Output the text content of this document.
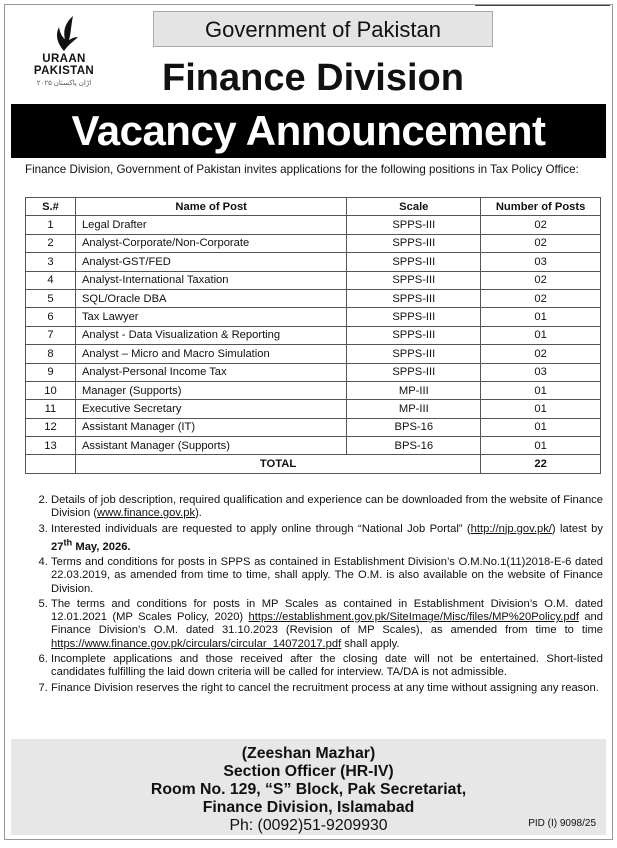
URAAN
PAKISTAN
اڑان پاکستان ۲۰۲۵
Government of Pakistan
Finance Division
Vacancy Announcement
Finance Division, Government of Pakistan invites applications for the following positions in Tax Policy Office:
S.#	Name of Post	Scale	Number of Posts
1	Legal Drafter	SPPS-III	02
2	Analyst-Corporate/Non-Corporate	SPPS-III	02
3	Analyst-GST/FED	SPPS-III	03
4	Analyst-International Taxation	SPPS-III	02
5	SQL/Oracle DBA	SPPS-III	02
6	Tax Lawyer	SPPS-III	01
7	Analyst - Data Visualization & Reporting	SPPS-III	01
8	Analyst – Micro and Macro Simulation	SPPS-III	02
9	Analyst-Personal Income Tax	SPPS-III	03
10	Manager (Supports)	MP-III	01
11	Executive Secretary	MP-III	01
12	Assistant Manager (IT)	BPS-16	01
13	Assistant Manager (Supports)	BPS-16	01
	TOTAL		22
2. Details of job description, required qualification and experience can be downloaded from the website of Finance Division (www.finance.gov.pk).
3. Interested individuals are requested to apply online through “National Job Portal” (http://njp.gov.pk/) latest by 27th May, 2026.
4. Terms and conditions for posts in SPPS as contained in Establishment Division’s O.M.No.1(11)2018-E-6 dated 22.03.2019, as amended from time to time, shall apply. The O.M. is also available on the website of Finance Division.
5. The terms and conditions for posts in MP Scales as contained in Establishment Division’s O.M. dated 12.01.2021 (MP Scales Policy, 2020) https://establishment.gov.pk/SiteImage/Misc/files/MP%20Policy.pdf and Finance Division’s O.M. dated 31.10.2023 (Revision of MP Scales), as amended from time to time https://www.finance.gov.pk/circulars/circular_14072017.pdf shall apply.
6. Incomplete applications and those received after the closing date will not be entertained. Short-listed candidates fulfilling the laid down criteria will be called for interview. TA/DA is not admissible.
7. Finance Division reserves the right to cancel the recruitment process at any time without assigning any reason.
(Zeeshan Mazhar)
Section Officer (HR-IV)
Room No. 129, “S” Block, Pak Secretariat,
Finance Division, Islamabad
Ph: (0092)51-9209930	PID (I) 9098/25
